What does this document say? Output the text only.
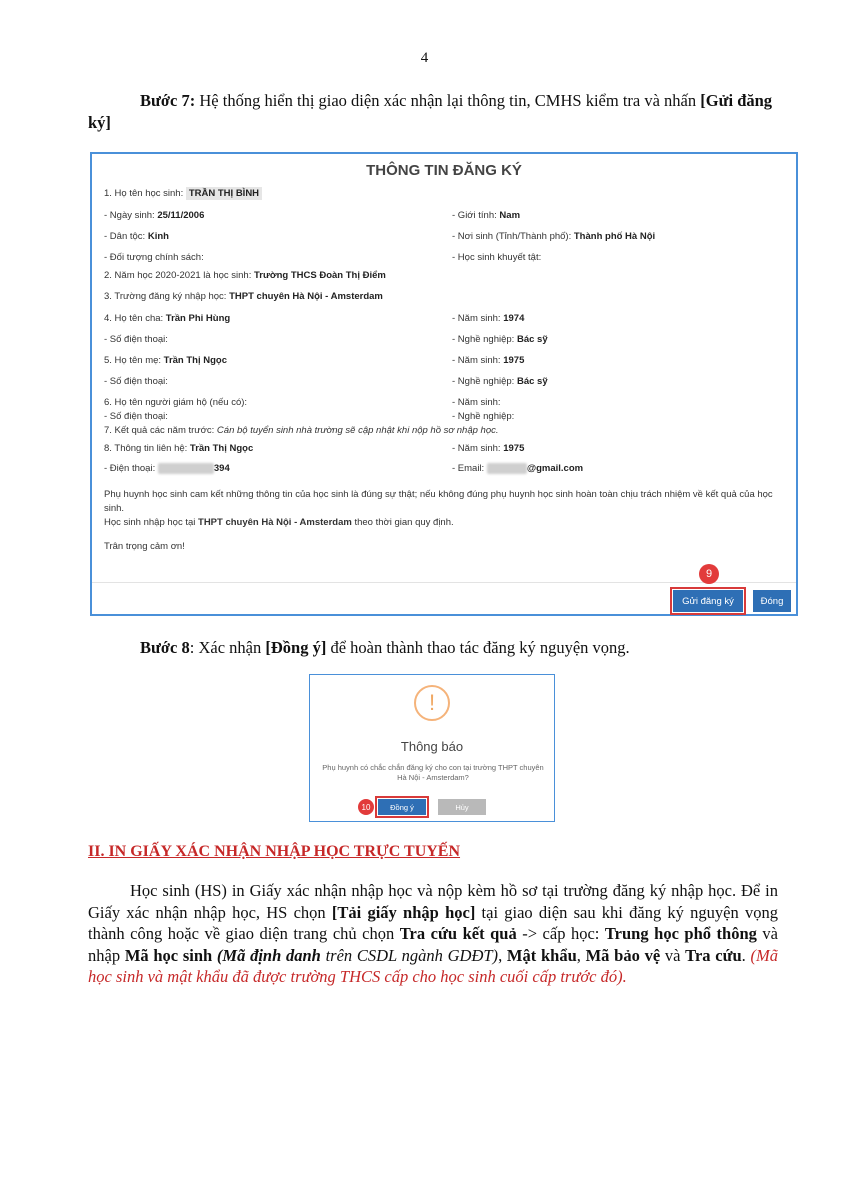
4
Bước 7: Hệ thống hiển thị giao diện xác nhận lại thông tin, CMHS kiểm tra và nhấn [Gửi đăng ký]
THÔNG TIN ĐĂNG KÝ
1. Họ tên học sinh: TRẦN THỊ BÌNH
- Ngày sinh: 25/11/2006	- Giới tính: Nam
- Dân tộc: Kinh	- Nơi sinh (Tỉnh/Thành phố): Thành phố Hà Nội
- Đối tượng chính sách:	- Học sinh khuyết tật:
2. Năm học 2020-2021 là học sinh: Trường THCS Đoàn Thị Điểm
3. Trường đăng ký nhập học: THPT chuyên Hà Nội - Amsterdam
4. Họ tên cha: Trần Phi Hùng	- Năm sinh: 1974
- Số điện thoại:	- Nghề nghiệp: Bác sỹ
5. Họ tên mẹ: Trần Thị Ngọc	- Năm sinh: 1975
- Số điện thoại:	- Nghề nghiệp: Bác sỹ
6. Họ tên người giám hộ (nếu có):	- Năm sinh:
- Số điện thoại:	- Nghề nghiệp:
7. Kết quả các năm trước: Cán bộ tuyển sinh nhà trường sẽ cập nhật khi nộp hồ sơ nhập học.
8. Thông tin liên hệ: Trần Thị Ngọc	- Năm sinh: 1975
- Điện thoại:	394	- Email:	@gmail.com
Phụ huynh học sinh cam kết những thông tin của học sinh là đúng sự thật; nếu không đúng phụ huynh học sinh hoàn toàn chịu trách nhiệm về kết quả của học sinh.
Học sinh nhập học tại THPT chuyên Hà Nội - Amsterdam theo thời gian quy định.
Trân trọng cảm ơn!
9
Gửi đăng ký	Đóng
Bước 8: Xác nhận [Đồng ý] để hoàn thành thao tác đăng ký nguyện vọng.
!
Thông báo
Phụ huynh có chắc chắn đăng ký cho con tại trường THPT chuyên Hà Nội - Amsterdam?
10	Đồng ý	Hủy
II. IN GIẤY XÁC NHẬN NHẬP HỌC TRỰC TUYẾN
Học sinh (HS) in Giấy xác nhận nhập học và nộp kèm hồ sơ tại trường đăng ký nhập học. Để in Giấy xác nhận nhập học, HS chọn [Tải giấy nhập học] tại giao diện sau khi đăng ký nguyện vọng thành công hoặc về giao diện trang chủ chọn Tra cứu kết quả -> cấp học: Trung học phổ thông và nhập Mã học sinh (Mã định danh trên CSDL ngành GDĐT), Mật khẩu, Mã bảo vệ và Tra cứu. (Mã học sinh và mật khẩu đã được trường THCS cấp cho học sinh cuối cấp trước đó).
